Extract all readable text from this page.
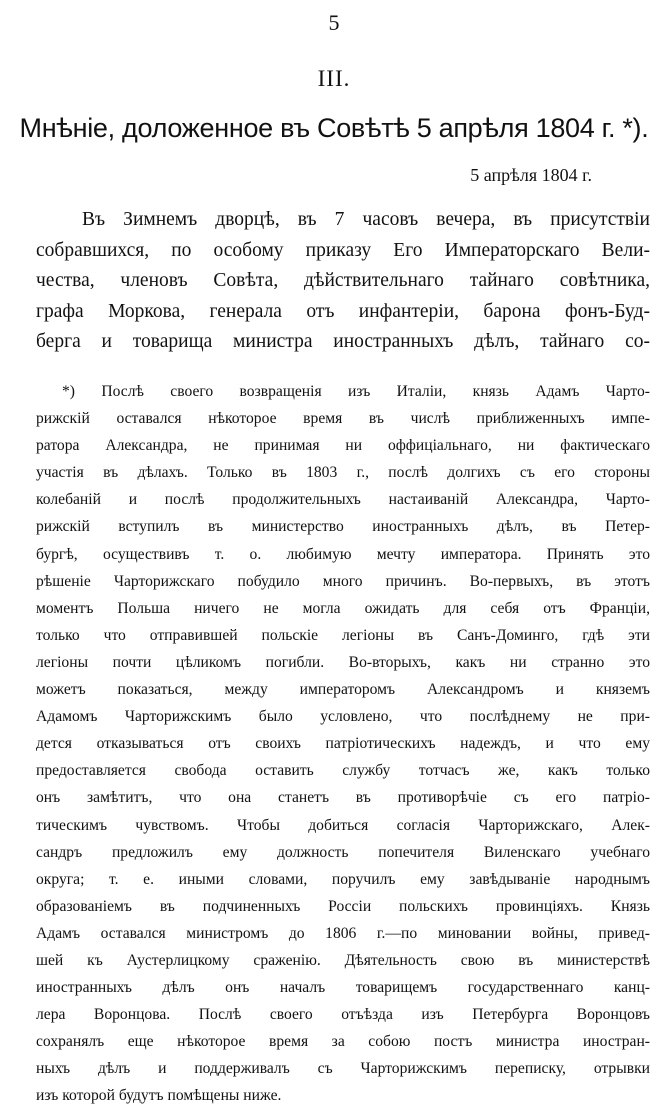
5
III.
Мнѣніе, доложенное въ Совѣтѣ 5 апрѣля 1804 г. *).
5 апрѣля 1804 г.
Въ Зимнемъ дворцѣ, въ 7 часовъ вечера, въ присутствіи
собравшихся, по особому приказу Его Императорскаго Вели-
чества, членовъ Совѣта, дѣйствительнаго тайнаго совѣтника,
графа Моркова, генерала отъ инфантеріи, барона фонъ-Буд-
берга и товарища министра иностранныхъ дѣлъ, тайнаго со-
*) Послѣ своего возвращенія изъ Италіи, князь Адамъ Чарто-
рижскій оставался нѣкоторое время въ числѣ приближенныхъ импе-
ратора Александра, не принимая ни оффиціальнаго, ни фактическаго
участія въ дѣлахъ. Только въ 1803 г., послѣ долгихъ съ его стороны
колебаній и послѣ продолжительныхъ настаиваній Александра, Чарто-
рижскій вступилъ въ министерство иностранныхъ дѣлъ, въ Петер-
бургѣ, осуществивъ т. о. любимую мечту императора. Принять это
рѣшеніе Чарторижскаго побудило много причинъ. Во-первыхъ, въ этотъ
моментъ Польша ничего не могла ожидать для себя отъ Франціи,
только что отправившей польскіе легіоны въ Санъ-Доминго, гдѣ эти
легіоны почти цѣликомъ погибли. Во-вторыхъ, какъ ни странно это
можетъ показаться, между императоромъ Александромъ и княземъ
Адамомъ Чарторижскимъ было условлено, что послѣднему не при-
дется отказываться отъ своихъ патріотическихъ надеждъ, и что ему
предоставляется свобода оставить службу тотчасъ же, какъ только
онъ замѣтитъ, что она станетъ въ противорѣчіе съ его патріо-
тическимъ чувствомъ. Чтобы добиться согласія Чарторижскаго, Алек-
сандръ предложилъ ему должность попечителя Виленскаго учебнаго
округа; т. е. иными словами, поручилъ ему завѣдываніе народнымъ
образованіемъ въ подчиненныхъ Россіи польскихъ провинціяхъ. Князь
Адамъ оставался министромъ до 1806 г.—по миновании войны, привед-
шей къ Аустерлицкому сраженію. Дѣятельность свою въ министерствѣ
иностранныхъ дѣлъ онъ началъ товарищемъ государственнаго канц-
лера Воронцова. Послѣ своего отъѣзда изъ Петербурга Воронцовъ
сохранялъ еще нѣкоторое время за собою постъ министра иностран-
ныхъ дѣлъ и поддерживалъ съ Чарторижскимъ переписку, отрывки
изъ которой будутъ помѣщены ниже.
